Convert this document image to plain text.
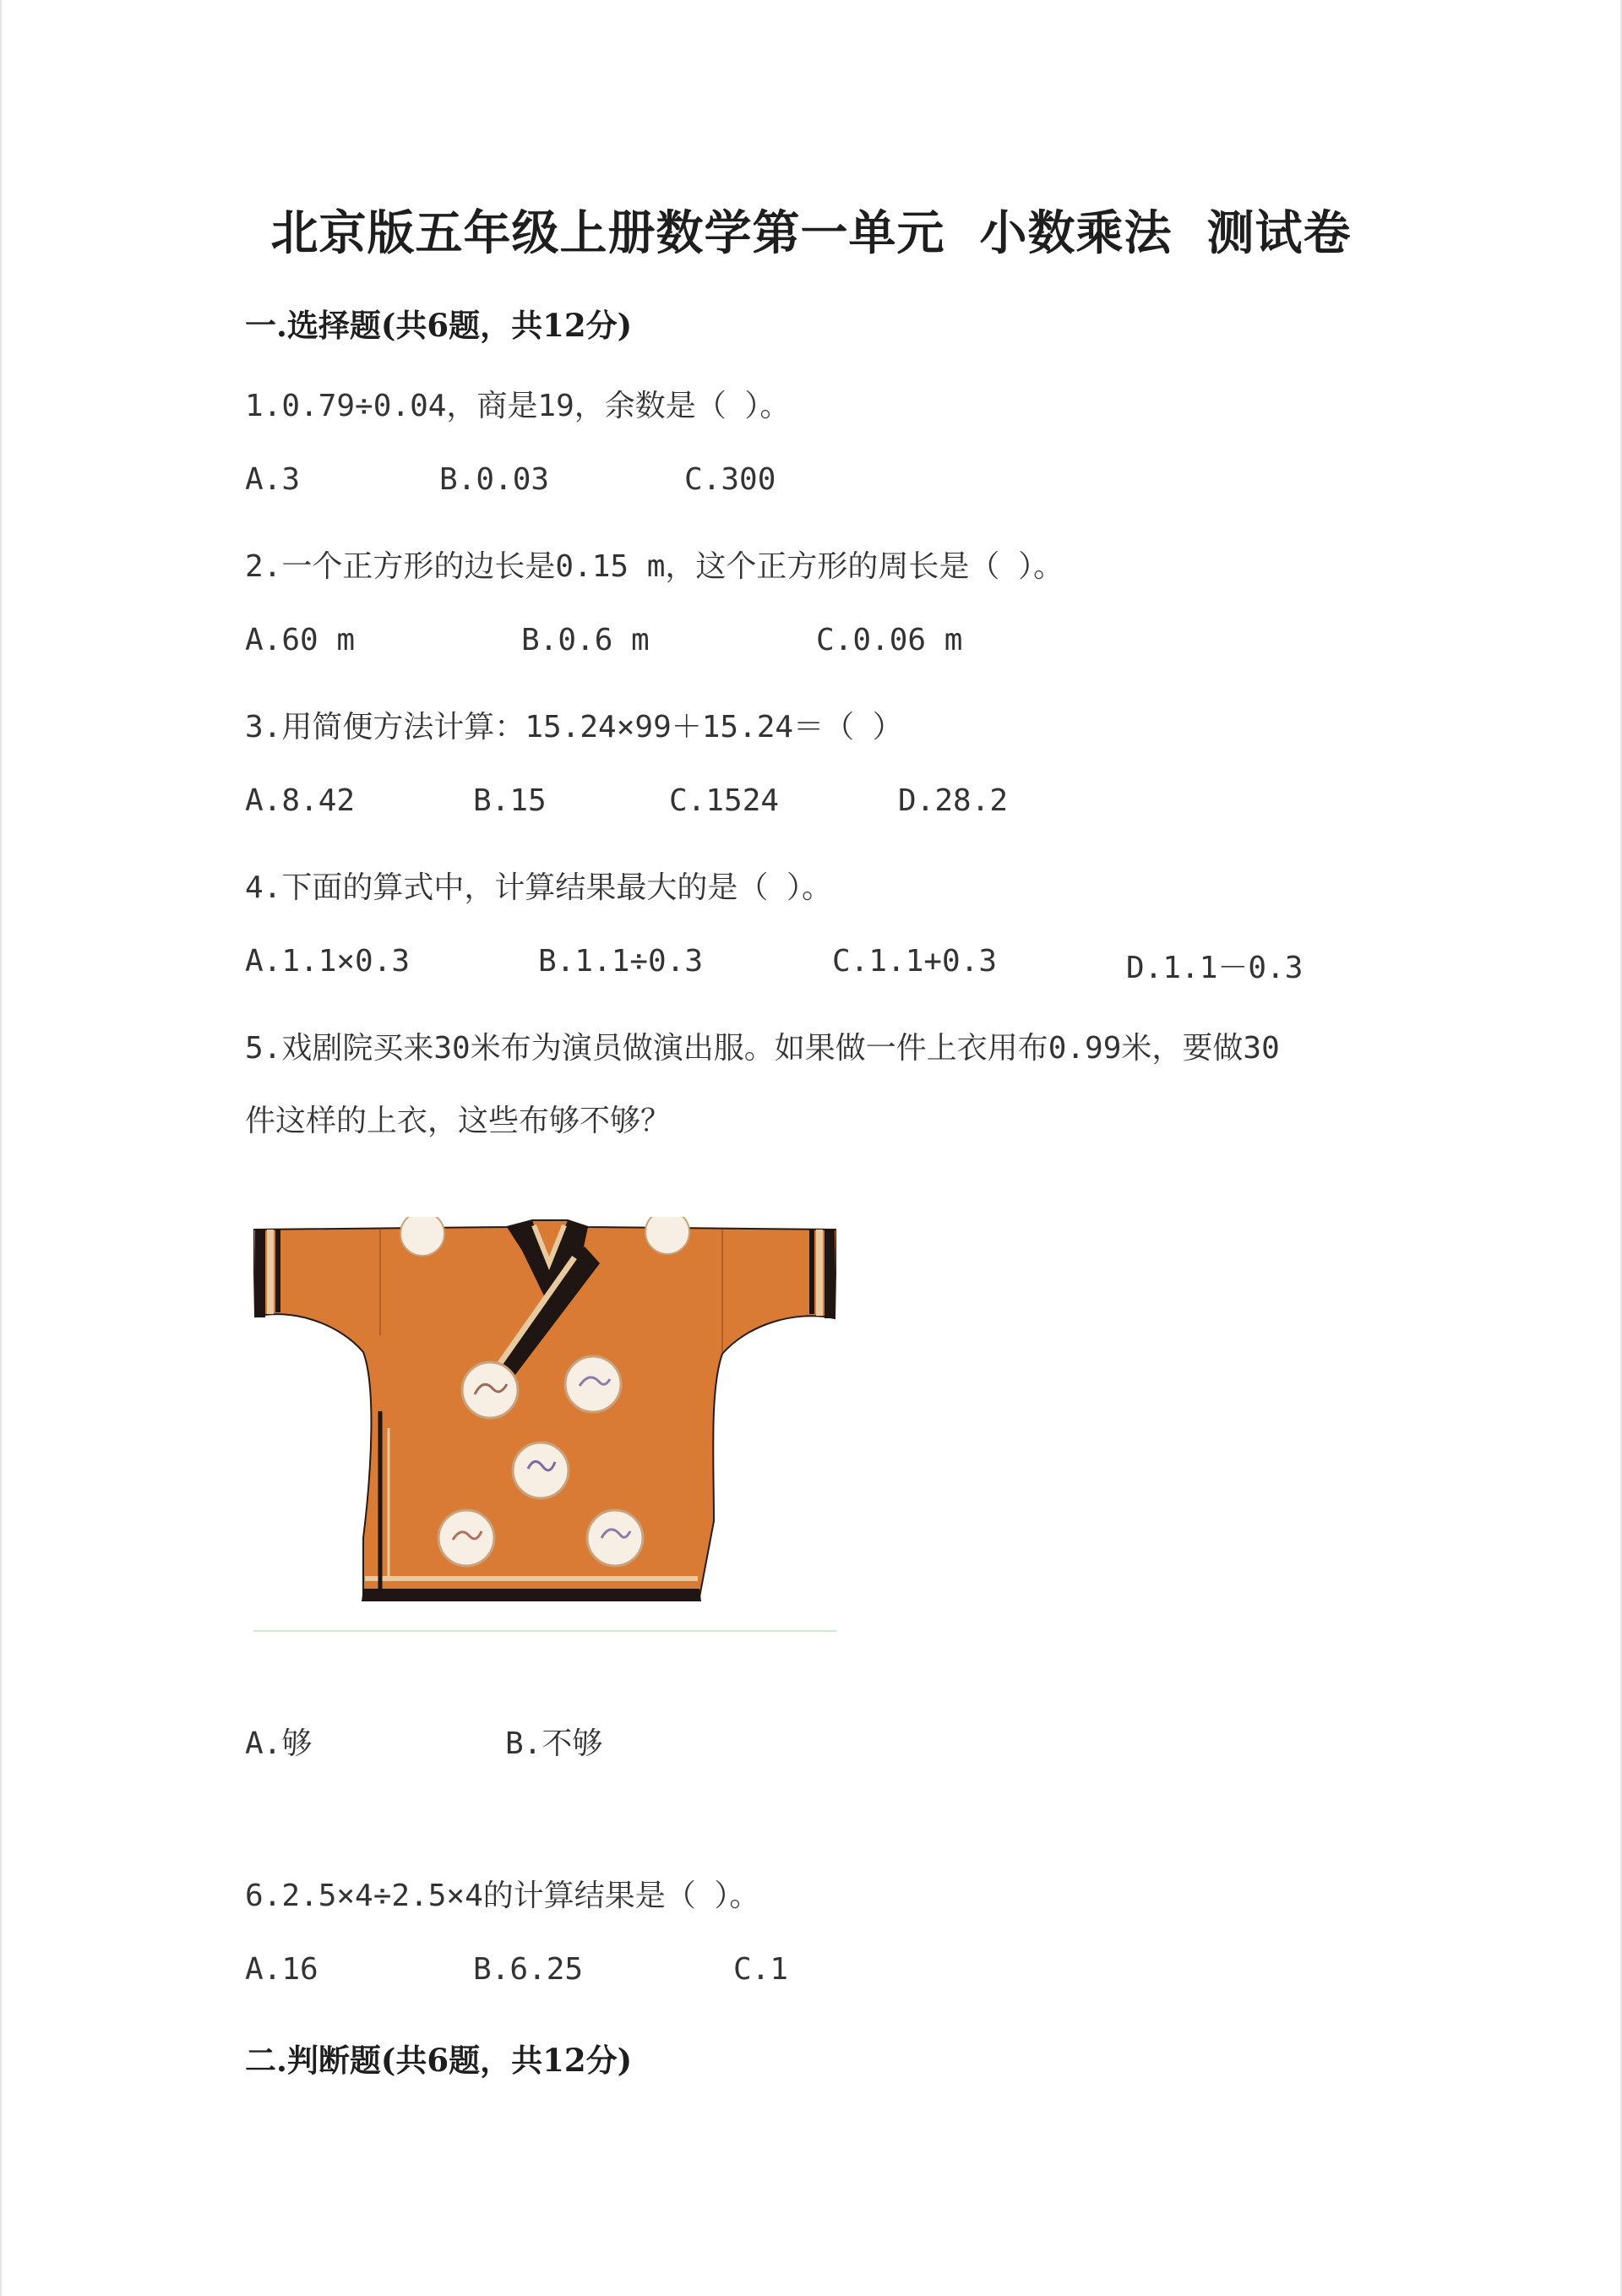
北京版五年级上册数学第一单元  小数乘法  测试卷
一.选择题(共6题，共12分)
1.0.79÷0.04，商是19，余数是（ ）。
A.3	B.0.03	C.300
2.一个正方形的边长是0.15 m，这个正方形的周长是（ ）。
A.60 m	B.0.6 m	C.0.06 m
3.用简便方法计算：15.24×99＋15.24＝（ ）
A.8.42	B.15	C.1524	D.28.2
4.下面的算式中，计算结果最大的是（ ）。
A.1.1×0.3	B.1.1÷0.3	C.1.1+0.3	D.1.1－0.3
5.戏剧院买来30米布为演员做演出服。如果做一件上衣用布0.99米，要做30
件这样的上衣，这些布够不够？
A.够	B.不够
6.2.5×4÷2.5×4的计算结果是（ ）。
A.16	B.6.25	C.1
二.判断题(共6题，共12分)
